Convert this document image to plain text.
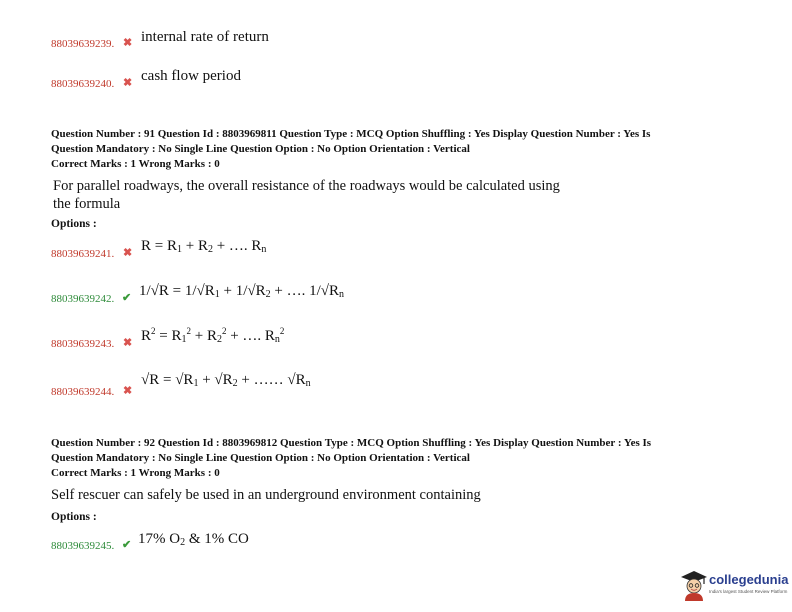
88039639239. ✖ internal rate of return
88039639240. ✖ cash flow period
Question Number : 91 Question Id : 8803969811 Question Type : MCQ Option Shuffling : Yes Display Question Number : Yes Is
Question Mandatory : No Single Line Question Option : No Option Orientation : Vertical
Correct Marks : 1 Wrong Marks : 0
For parallel roadways, the overall resistance of the roadways would be calculated using
the formula
Options :
88039639241. ✖ $R = R_1 + R_2$ + …. $R_n$
88039639242. ✔ $1/√R = 1/√R_1 + 1/√R_2$ + …. $1/√R_n$
88039639243. ✖ $R^2 = R_1^2 + R_2^2$ + …. $R_n^2$
88039639244. ✖
$√R = √R_1 + √R_2$ + …… $√R_n$
Question Number : 92 Question Id : 8803969812 Question Type : MCQ Option Shuffling : Yes Display Question Number : Yes Is
Question Mandatory : No Single Line Question Option : No Option Orientation : Vertical
Correct Marks : 1 Wrong Marks : 0
Self rescuer can safely be used in an underground environment containing
Options :
88039639245. ✔ 17% $O_2$ & 1% CO
collegedunia
India's largest Student Review Platform
